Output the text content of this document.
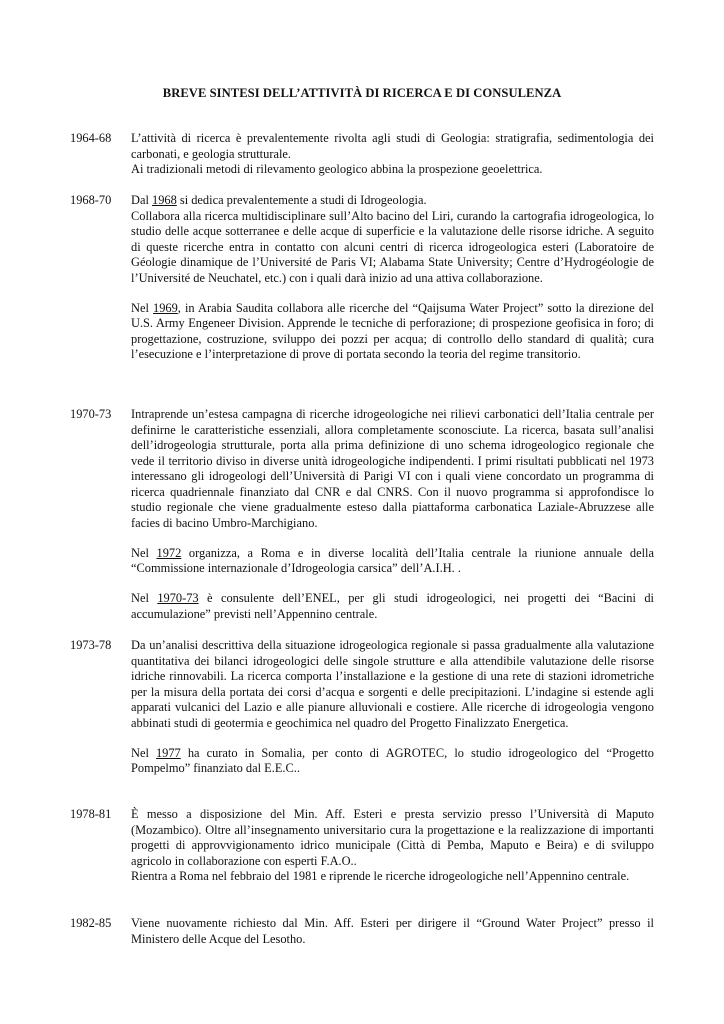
BREVE SINTESI DELL’ATTIVITÀ DI RICERCA E DI CONSULENZA
1964-68	L’attività di ricerca è prevalentemente rivolta agli studi di Geologia: stratigrafia, sedimentologia dei carbonati, e geologia strutturale.

Ai tradizionali metodi di rilevamento geologico abbina la prospezione geoelettrica.

1968-70	Dal 1968 si dedica prevalentemente a studi di Idrogeologia.

Collabora alla ricerca multidisciplinare sull’Alto bacino del Liri, curando la cartografia idrogeologica, lo studio delle acque sotterranee e delle acque di superficie e la valutazione delle risorse idriche. A seguito di queste ricerche entra in contatto con alcuni centri di ricerca idrogeologica esteri (Laboratoire de Géologie dinamique de l’Université de Paris VI; Alabama State University; Centre d’Hydrogéologie de l’Université de Neuchatel, etc.) con i quali darà inizio ad una attiva collaborazione.

Nel 1969, in Arabia Saudita collabora alle ricerche del “Qaijsuma Water Project” sotto la direzione del U.S. Army Engeneer Division. Apprende le tecniche di perforazione; di prospezione geofisica in foro; di progettazione, costruzione, sviluppo dei pozzi per acqua; di controllo dello standard di qualità; cura l’esecuzione e l’interpretazione di prove di portata secondo la teoria del regime transitorio.

1970-73	Intraprende un’estesa campagna di ricerche idrogeologiche nei rilievi carbonatici dell’Italia centrale per definirne le caratteristiche essenziali, allora completamente sconosciute. La ricerca, basata sull’analisi dell’idrogeologia strutturale, porta alla prima definizione di uno schema idrogeologico regionale che vede il territorio diviso in diverse unità idrogeologiche indipendenti. I primi risultati pubblicati nel 1973 interessano gli idrogeologi dell’Università di Parigi VI con i quali viene concordato un programma di ricerca quadriennale finanziato dal CNR e dal CNRS. Con il nuovo programma si approfondisce lo studio regionale che viene gradualmente esteso dalla piattaforma carbonatica Laziale-Abruzzese alle facies di bacino Umbro-Marchigiano.

Nel 1972 organizza, a Roma e in diverse località dell’Italia centrale la riunione annuale della “Commissione internazionale d’Idrogeologia carsica” dell’A.I.H. .

Nel 1970-73 è consulente dell’ENEL, per gli studi idrogeologici, nei progetti dei “Bacini di accumulazione” previsti nell’Appennino centrale.

1973-78	Da un’analisi descrittiva della situazione idrogeologica regionale si passa gradualmente alla valutazione quantitativa dei bilanci idrogeologici delle singole strutture e alla attendibile valutazione delle risorse idriche rinnovabili. La ricerca comporta l’installazione e la gestione di una rete di stazioni idrometriche per la misura della portata dei corsi d’acqua e sorgenti e delle precipitazioni. L’indagine si estende agli apparati vulcanici del Lazio e alle pianure alluvionali e costiere. Alle ricerche di idrogeologia vengono abbinati studi di geotermia e geochimica nel quadro del Progetto Finalizzato Energetica.

Nel 1977 ha curato in Somalia, per conto di AGROTEC, lo studio idrogeologico del “Progetto Pompelmo” finanziato dal E.E.C..

1978-81	È messo a disposizione del Min. Aff. Esteri e presta servizio presso l’Università di Maputo (Mozambico). Oltre all’insegnamento universitario cura la progettazione e la realizzazione di importanti progetti di approvvigionamento idrico municipale (Città di Pemba, Maputo e Beira) e di sviluppo agricolo in collaborazione con esperti F.A.O..

Rientra a Roma nel febbraio del 1981 e riprende le ricerche idrogeologiche nell’Appennino centrale.

1982-85	Viene nuovamente richiesto dal Min. Aff. Esteri per dirigere il “Ground Water Project” presso il Ministero delle Acque del Lesotho.
